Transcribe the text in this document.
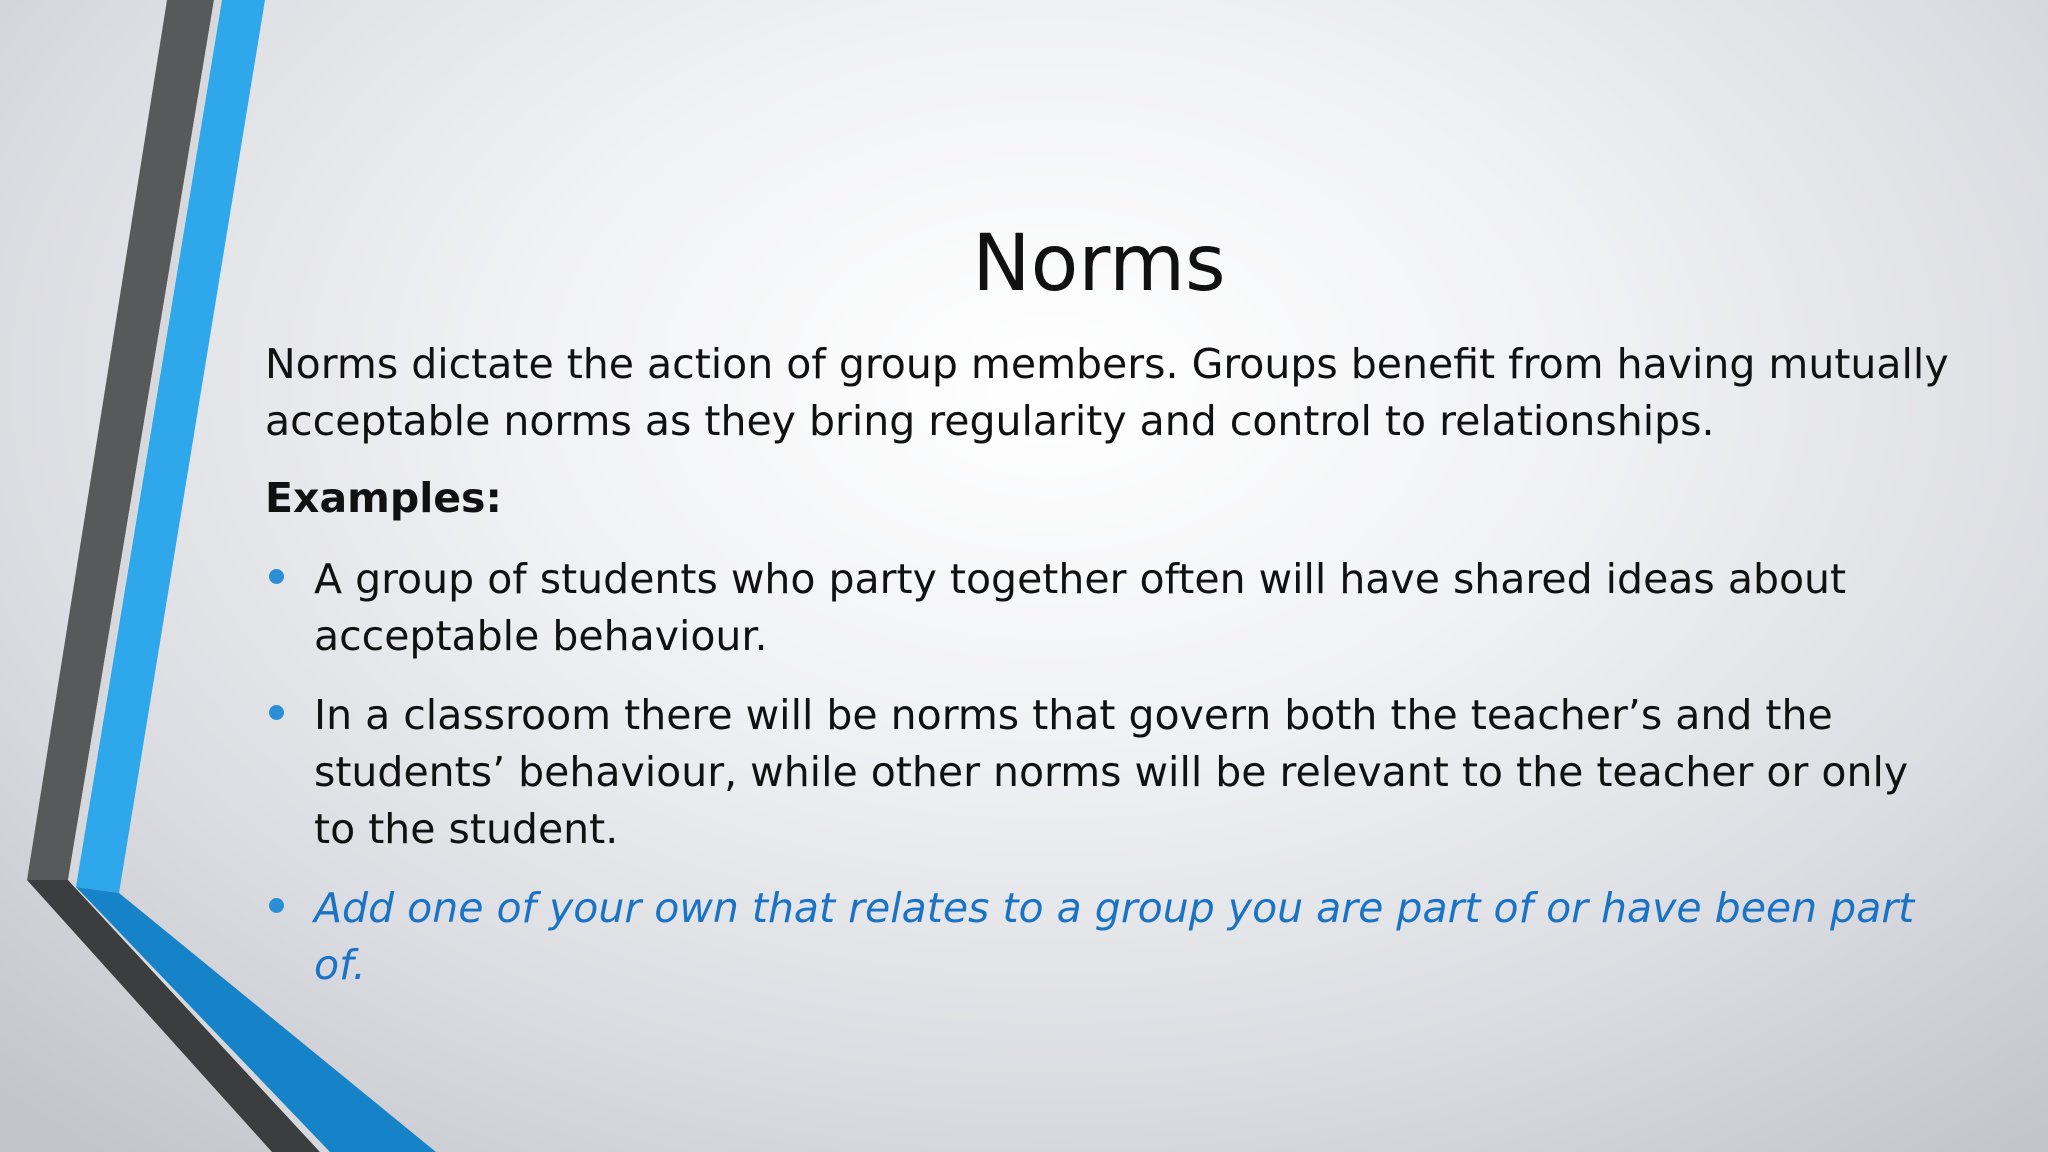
Norms

Norms dictate the action of group members. Groups benefit from having mutually acceptable norms as they bring regularity and control to relationships.

Examples:

A group of students who party together often will have shared ideas about acceptable behaviour.
In a classroom there will be norms that govern both the teacher’s and the students’ behaviour, while other norms will be relevant to the teacher or only to the student.
Add one of your own that relates to a group you are part of or have been part of.
